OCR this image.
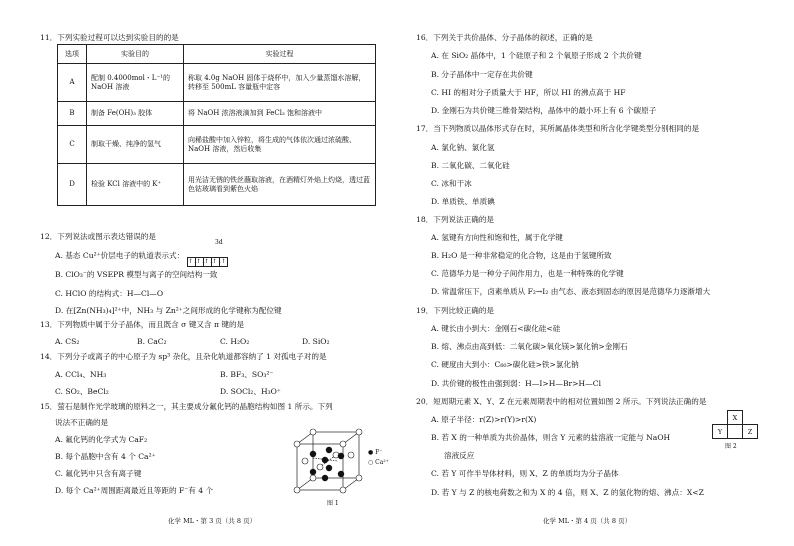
11．下列实验过程可以达到实验目的的是
选项	实验目的	实验过程
A	配制 0.4000mol・L⁻¹的NaOH 溶液	称取 4.0g NaOH 固体于烧杯中，加入少量蒸馏水溶解，转移至 500mL 容量瓶中定容
B	制备 Fe(OH)₃ 胶体	将 NaOH 浓溶液滴加到 FeCl₃ 饱和溶液中
C	制取干燥、纯净的氢气	向稀盐酸中加入锌粒，将生成的气体依次通过浓硫酸、NaOH 溶液，然后收集
D	检验 KCl 溶液中的 K⁺	用光洁无锈的铁丝蘸取溶液，在酒精灯外焰上灼烧，透过蓝色钴玻璃看到紫色火焰
12．下列说法或图示表达错误的是
A. 基态 Cu²⁺价层电子的轨道表示式：
3d
↑↓↑↓↑↓↑↓↑
B. ClO₃⁻的 VSEPR 模型与离子的空间结构一致
C. HClO 的结构式：H—Cl—O
D. 在[Zn(NH₃)₄]²⁺中，NH₃ 与 Zn²⁺之间形成的化学键称为配位键
13．下列物质中属于分子晶体，而且既含 σ 键又含 π 键的是
A. CS₂	B. CaC₂	C. H₂O₂	D. SiO₂
14．下列分子或离子的中心原子为 sp³ 杂化，且杂化轨道都容纳了 1 对孤电子对的是
A. CCl₄、NH₃	B. BF₃、SO₃²⁻
C. SO₂、BeCl₂	D. SOCl₂、H₃O⁺
15．萤石是制作光学玻璃的原料之一，其主要成分氟化钙的晶胞结构如图 1 所示。下列
说法不正确的是
A. 氟化钙的化学式为 CaF₂
B. 每个晶胞中含有 4 个 Ca²⁺
C. 氟化钙中只含有离子键
D. 每个 Ca²⁺周围距离最近且等距的 F⁻有 4 个
● F⁻
○ Ca²⁺
图 1
化学 ML・第 3 页（共 8 页）
16．下列关于共价晶体、分子晶体的叙述，正确的是
A. 在 SiO₂ 晶体中，1 个硅原子和 2 个氧原子形成 2 个共价键
B. 分子晶体中一定存在共价键
C. HI 的相对分子质量大于 HF，所以 HI 的沸点高于 HF
D. 金刚石为共价键三维骨架结构，晶体中的最小环上有 6 个碳原子
17．当下列物质以晶体形式存在时，其所属晶体类型和所含化学键类型分别相同的是
A. 氯化钠、氯化氢
B. 二氧化碳、二氧化硅
C. 冰和干冰
D. 单质铁、单质碘
18．下列说法正确的是
A. 氢键有方向性和饱和性，属于化学键
B. H₂O 是一种非常稳定的化合物，这是由于氢键所致
C. 范德华力是一种分子间作用力，也是一种特殊的化学键
D. 常温常压下，卤素单质从 F₂→I₂ 由气态、液态到固态的原因是范德华力逐渐增大
19．下列比较正确的是
A. 键长由小到大：金刚石<碳化硅<硅
B. 熔、沸点由高到低：二氧化碳>氧化镁>氯化钠>金刚石
C. 硬度由大到小：C₆₀>碳化硅>铁>氯化钠
D. 共价键的极性由强到弱：H—I>H—Br>H—Cl
20．短周期元素 X、Y、Z 在元素周期表中的相对位置如图 2 所示。下列说法正确的是
A. 原子半径：r(Z)>r(Y)>r(X)
B. 若 X 的一种单质为共价晶体，则含 Y 元素的盐溶液一定能与 NaOH
溶液反应
C. 若 Y 可作半导体材料，则 X、Z 的单质均为分子晶体
D. 若 Y 与 Z 的核电荷数之和为 X 的 4 倍，则 X、Z 的氢化物的熔、沸点：X<Z
	X	
Y		Z
图 2
化学 ML・第 4 页（共 8 页）
